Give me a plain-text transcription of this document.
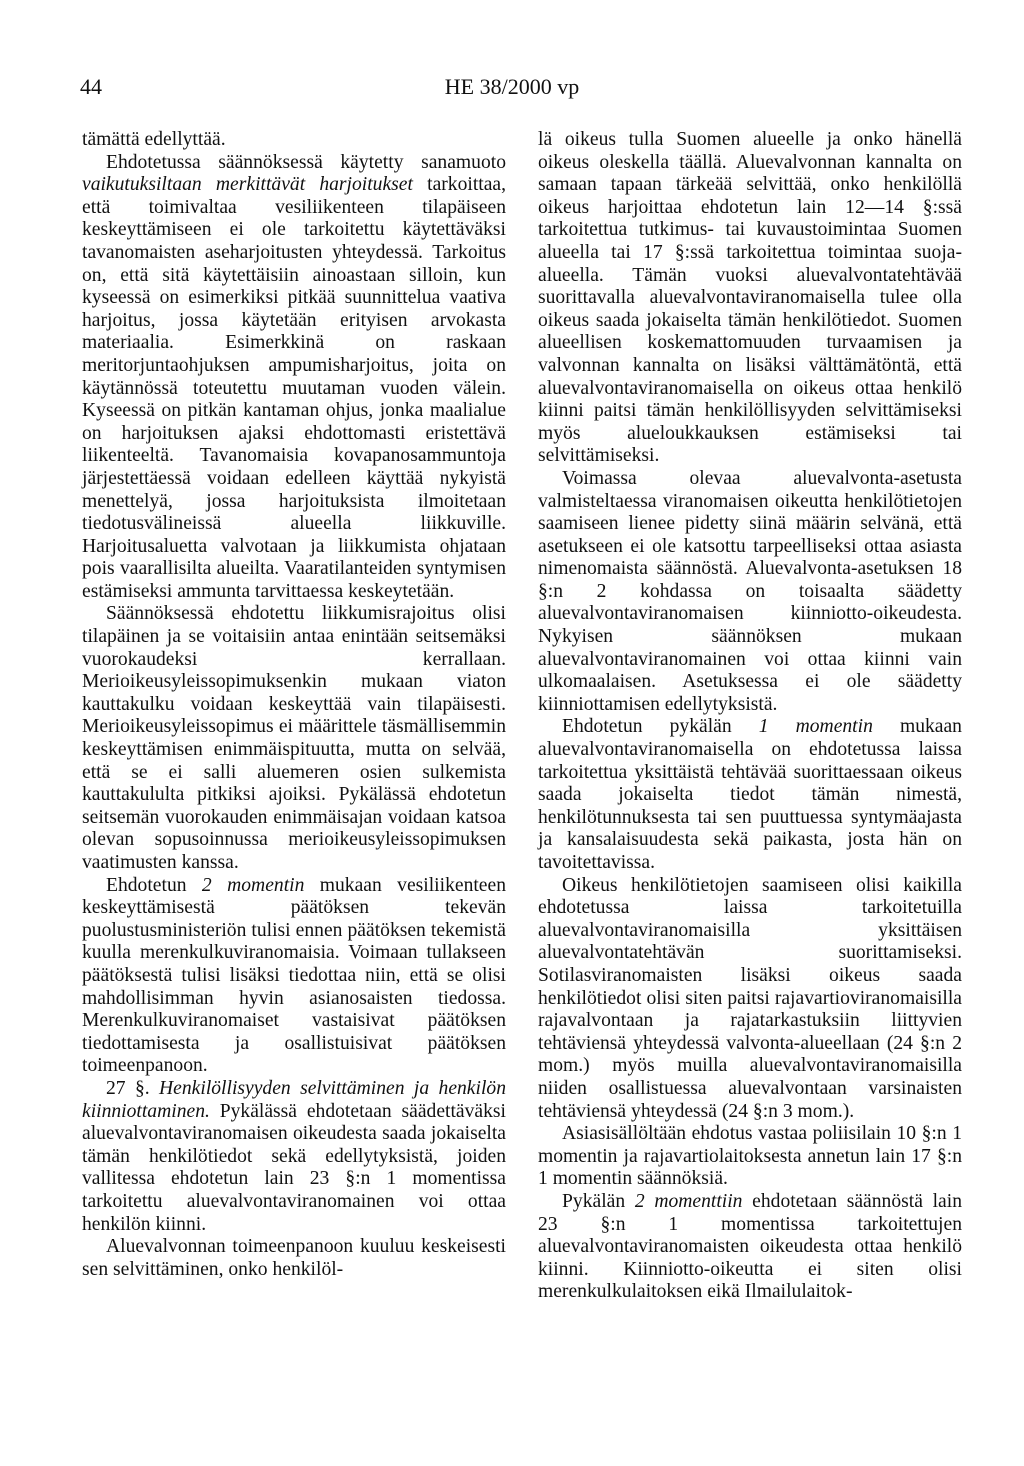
44	HE 38/2000 vp

tämättä edellyttää.

Ehdotetussa säännöksessä käytetty sanamuoto vaikutuksiltaan merkittävät harjoitukset tarkoittaa, että toimivaltaa vesiliikenteen tilapäiseen keskeyttämiseen ei ole tarkoitettu käytettäväksi tavanomaisten aseharjoitusten yhteydessä. Tarkoitus on, että sitä käytettäisiin ainoastaan silloin, kun kyseessä on esimerkiksi pitkää suunnittelua vaativa harjoitus, jossa käytetään erityisen arvokasta materiaalia. Esimerkkinä on raskaan meritorjuntaohjuksen ampumisharjoitus, joita on käytännössä toteutettu muutaman vuoden välein. Kyseessä on pitkän kantaman ohjus, jonka maalialue on harjoituksen ajaksi ehdottomasti eristettävä liikenteeltä. Tavanomaisia kovapanosammuntoja järjestettäessä voidaan edelleen käyttää nykyistä menettelyä, jossa harjoituksista ilmoitetaan tiedotusvälineissä alueella liikkuville. Harjoitusaluetta valvotaan ja liikkumista ohjataan pois vaarallisilta alueilta. Vaaratilanteiden syntymisen estämiseksi ammunta tarvittaessa keskeytetään.

Säännöksessä ehdotettu liikkumisrajoitus olisi tilapäinen ja se voitaisiin antaa enintään seitsemäksi vuorokaudeksi kerrallaan. Merioikeusyleissopimuksenkin mukaan viaton kauttakulku voidaan keskeyttää vain tilapäisesti. Merioikeusyleissopimus ei määrittele täsmällisemmin keskeyttämisen enimmäispituutta, mutta on selvää, että se ei salli aluemeren osien sulkemista kauttakululta pitkiksi ajoiksi. Pykälässä ehdotetun seitsemän vuorokauden enimmäisajan voidaan katsoa olevan sopusoinnussa merioikeusyleissopimuksen vaatimusten kanssa.

Ehdotetun 2 momentin mukaan vesiliikenteen keskeyttämisestä päätöksen tekevän puolustusministeriön tulisi ennen päätöksen tekemistä kuulla merenkulkuviranomaisia. Voimaan tullakseen päätöksestä tulisi lisäksi tiedottaa niin, että se olisi mahdollisimman hyvin asianosaisten tiedossa. Merenkulkuviranomaiset vastaisivat päätöksen tiedottamisesta ja osallistuisivat päätöksen toimeenpanoon.

27 §. Henkilöllisyyden selvittäminen ja henkilön kiinniottaminen. Pykälässä ehdotetaan säädettäväksi aluevalvontaviranomaisen oikeudesta saada jokaiselta tämän henkilötiedot sekä edellytyksistä, joiden vallitessa ehdotetun lain 23 §:n 1 momentissa tarkoitettu aluevalvontaviranomainen voi ottaa henkilön kiinni.

Aluevalvonnan toimeenpanoon kuuluu keskeisesti sen selvittäminen, onko henkilöl-

lä oikeus tulla Suomen alueelle ja onko hänellä oikeus oleskella täällä. Aluevalvonnan kannalta on samaan tapaan tärkeää selvittää, onko henkilöllä oikeus harjoittaa ehdotetun lain 12—14 §:ssä tarkoitettua tutkimus- tai kuvaustoimintaa Suomen alueella tai 17 §:ssä tarkoitettua toimintaa suoja-alueella. Tämän vuoksi aluevalvontatehtävää suorittavalla aluevalvontaviranomaisella tulee olla oikeus saada jokaiselta tämän henkilötiedot. Suomen alueellisen koskemattomuuden turvaamisen ja valvonnan kannalta on lisäksi välttämätöntä, että aluevalvontaviranomaisella on oikeus ottaa henkilö kiinni paitsi tämän henkilöllisyyden selvittämiseksi myös alueloukkauksen estämiseksi tai selvittämiseksi.

Voimassa olevaa aluevalvonta-asetusta valmisteltaessa viranomaisen oikeutta henkilötietojen saamiseen lienee pidetty siinä määrin selvänä, että asetukseen ei ole katsottu tarpeelliseksi ottaa asiasta nimenomaista säännöstä. Aluevalvonta-asetuksen 18 §:n 2 kohdassa on toisaalta säädetty aluevalvontaviranomaisen kiinniotto-oikeudesta. Nykyisen säännöksen mukaan aluevalvontaviranomainen voi ottaa kiinni vain ulkomaalaisen. Asetuksessa ei ole säädetty kiinniottamisen edellytyksistä.

Ehdotetun pykälän 1 momentin mukaan aluevalvontaviranomaisella on ehdotetussa laissa tarkoitettua yksittäistä tehtävää suorittaessaan oikeus saada jokaiselta tiedot tämän nimestä, henkilötunnuksesta tai sen puuttuessa syntymäajasta ja kansalaisuudesta sekä paikasta, josta hän on tavoitettavissa.

Oikeus henkilötietojen saamiseen olisi kaikilla ehdotetussa laissa tarkoitetuilla aluevalvontaviranomaisilla yksittäisen aluevalvontatehtävän suorittamiseksi. Sotilasviranomaisten lisäksi oikeus saada henkilötiedot olisi siten paitsi rajavartioviranomaisilla rajavalvontaan ja rajatarkastuksiin liittyvien tehtäviensä yhteydessä valvonta-alueellaan (24 §:n 2 mom.) myös muilla aluevalvontaviranomaisilla niiden osallistuessa aluevalvontaan varsinaisten tehtäviensä yhteydessä (24 §:n 3 mom.).

Asiasisällöltään ehdotus vastaa poliisilain 10 §:n 1 momentin ja rajavartiolaitoksesta annetun lain 17 §:n 1 momentin säännöksiä.

Pykälän 2 momenttiin ehdotetaan säännöstä lain 23 §:n 1 momentissa tarkoitettujen aluevalvontaviranomaisten oikeudesta ottaa henkilö kiinni. Kiinniotto-oikeutta ei siten olisi merenkulkulaitoksen eikä Ilmailulaitok-
